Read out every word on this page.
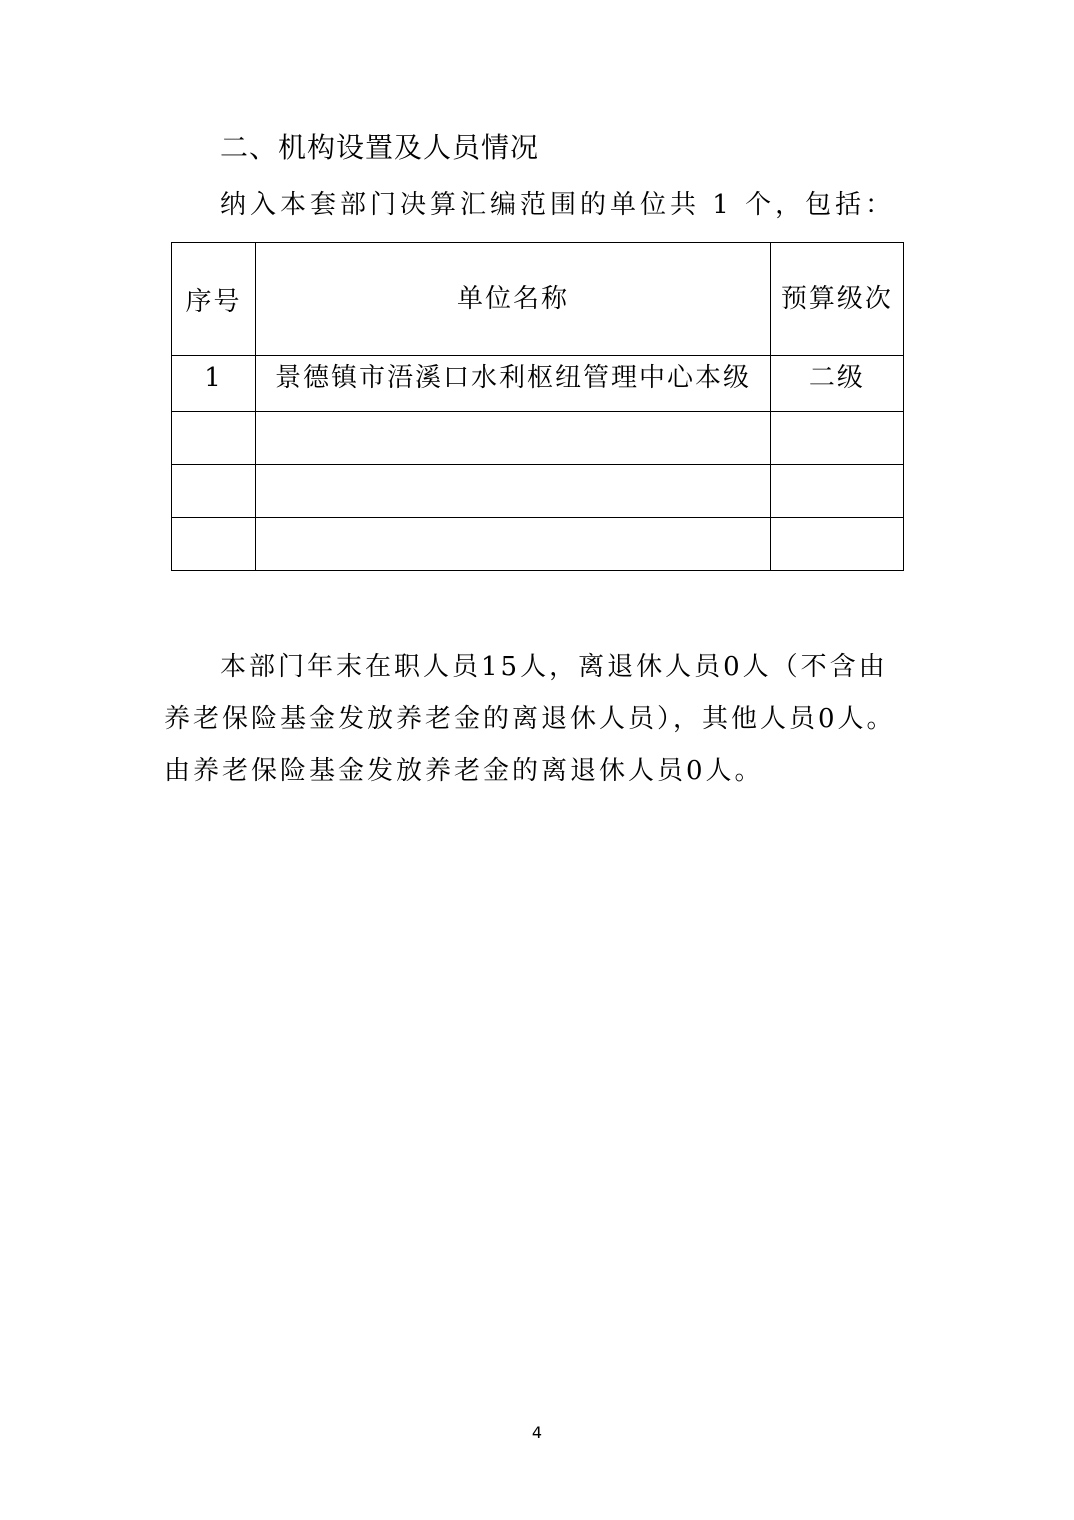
二、机构设置及人员情况

纳入本套部门决算汇编范围的单位共 1 个，包括：

序号	单位名称	预算级次
1	景德镇市浯溪口水利枢纽管理中心本级	二级

本部门年末在职人员15人，离退休人员0人（不含由养老保险基金发放养老金的离退休人员），其他人员0人。由养老保险基金发放养老金的离退休人员0人。

4
